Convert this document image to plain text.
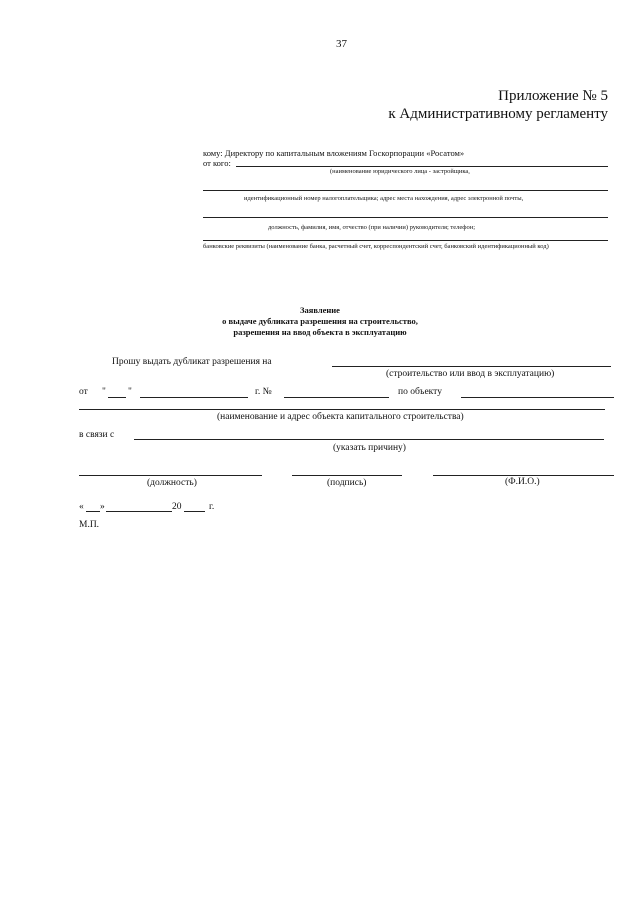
37
Приложение № 5
к Административному регламенту
кому: Директору по капитальным вложениям Госкорпорации «Росатом»
от кого:
(наименование юридического лица - застройщика,
идентификационный номер налогоплательщика; адрес места нахождения, адрес электронной почты,
должность, фамилия, имя, отчество (при наличии) руководителя; телефон;
банковские реквизиты (наименование банка, расчетный счет, корреспондентский счет, банковский идентификационный код)
Заявление
о выдаче дубликата разрешения на строительство,
разрешения на ввод объекта в эксплуатацию
Прошу выдать дубликат разрешения на
(строительство или ввод в эксплуатацию)
от " "	г. №	по объекту
(наименование и адрес объекта капитального строительства)
в связи с
(указать причину)
(должность)	(подпись)	(Ф.И.О.)
« »	20	г.
М.П.
